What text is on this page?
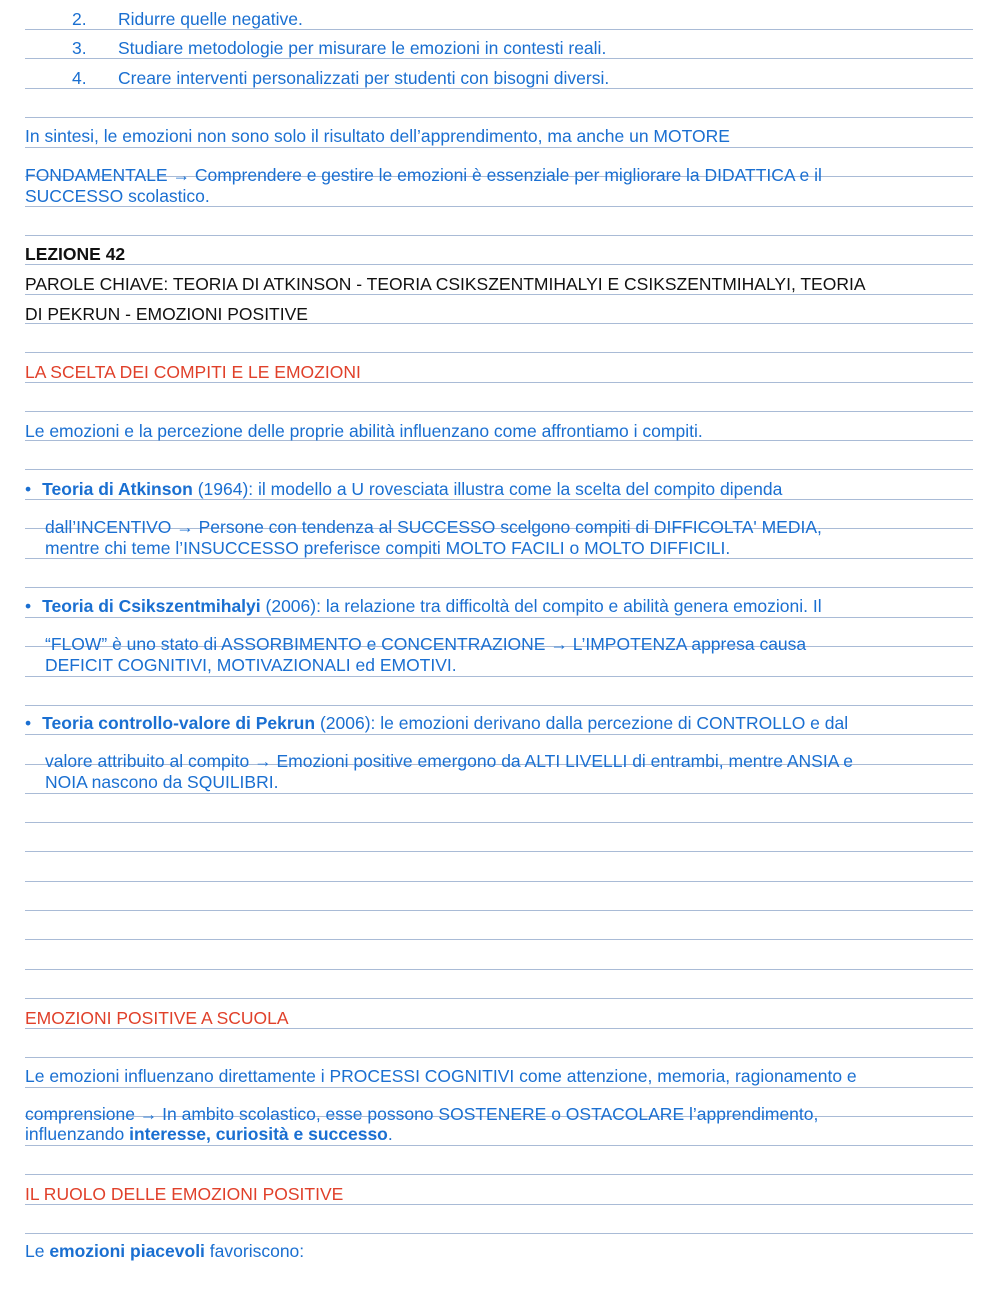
2.	Ridurre quelle negative.
3.	Studiare metodologie per misurare le emozioni in contesti reali.
4.	Creare interventi personalizzati per studenti con bisogni diversi.
In sintesi, le emozioni non sono solo il risultato dell’apprendimento, ma anche un MOTORE
FONDAMENTALE → Comprendere e gestire le emozioni è essenziale per migliorare la DIDATTICA e il
SUCCESSO scolastico.
LEZIONE 42
PAROLE CHIAVE: TEORIA DI ATKINSON - TEORIA CSIKSZENTMIHALYI E CSIKSZENTMIHALYI, TEORIA
DI PEKRUN - EMOZIONI POSITIVE
LA SCELTA DEI COMPITI E LE EMOZIONI
Le emozioni e la percezione delle proprie abilità influenzano come affrontiamo i compiti.
• Teoria di Atkinson (1964): il modello a U rovesciata illustra come la scelta del compito dipenda
dall’INCENTIVO → Persone con tendenza al SUCCESSO scelgono compiti di DIFFICOLTA' MEDIA,
mentre chi teme l’INSUCCESSO preferisce compiti MOLTO FACILI o MOLTO DIFFICILI.
• Teoria di Csikszentmihalyi (2006): la relazione tra difficoltà del compito e abilità genera emozioni. Il
“FLOW” è uno stato di ASSORBIMENTO e CONCENTRAZIONE → L’IMPOTENZA appresa causa
DEFICIT COGNITIVI, MOTIVAZIONALI ed EMOTIVI.
• Teoria controllo-valore di Pekrun (2006): le emozioni derivano dalla percezione di CONTROLLO e dal
valore attribuito al compito → Emozioni positive emergono da ALTI LIVELLI di entrambi, mentre ANSIA e
NOIA nascono da SQUILIBRI.
EMOZIONI POSITIVE A SCUOLA
Le emozioni influenzano direttamente i PROCESSI COGNITIVI come attenzione, memoria, ragionamento e
comprensione → In ambito scolastico, esse possono SOSTENERE o OSTACOLARE l’apprendimento,
influenzando interesse, curiosità e successo.
IL RUOLO DELLE EMOZIONI POSITIVE
Le emozioni piacevoli favoriscono:
